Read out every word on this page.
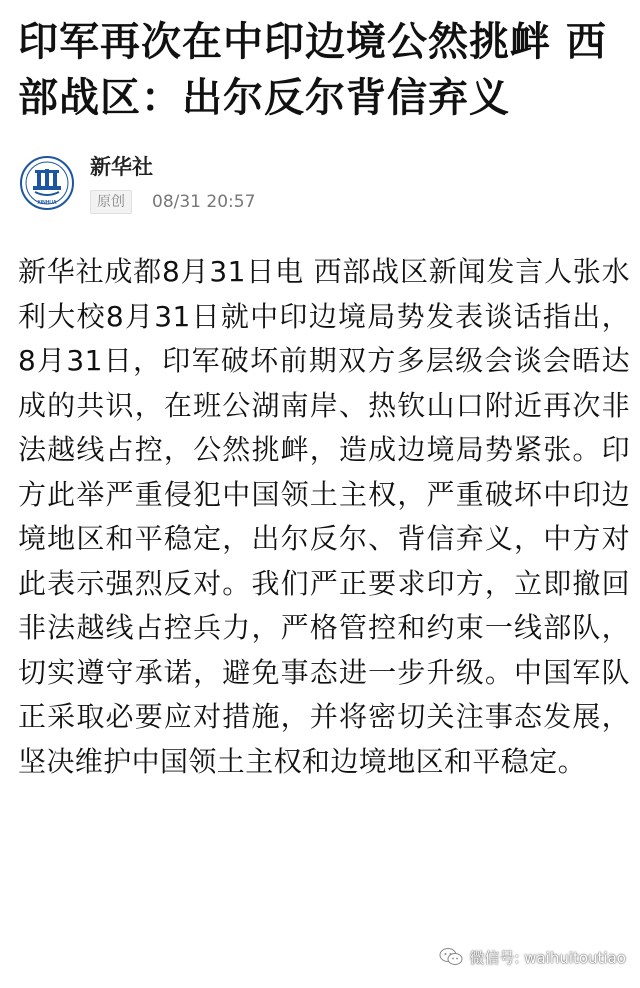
印军再次在中印边境公然挑衅 西部战区：出尔反尔背信弃义
XINHUA
新华社
原创	08/31 20:57

新华社成都8月31日电 西部战区新闻发言人张水利大校8月31日就中印边境局势发表谈话指出，8月31日，印军破坏前期双方多层级会谈会晤达成的共识，在班公湖南岸、热钦山口附近再次非法越线占控，公然挑衅，造成边境局势紧张。印方此举严重侵犯中国领土主权，严重破坏中印边境地区和平稳定，出尔反尔、背信弃义，中方对此表示强烈反对。我们严正要求印方，立即撤回非法越线占控兵力，严格管控和约束一线部队，切实遵守承诺，避免事态进一步升级。中国军队正采取必要应对措施，并将密切关注事态发展，坚决维护中国领土主权和边境地区和平稳定。

微信号: waihuitoutiao
